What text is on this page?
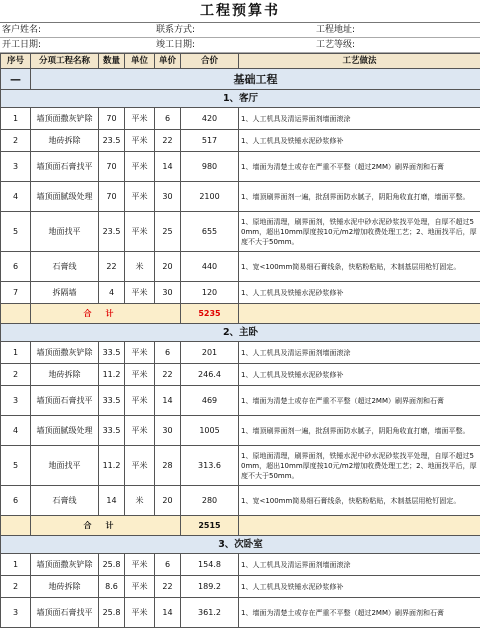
工程预算书
客户姓名:	联系方式:	工程地址:
开工日期:	竣工日期:	工艺等级:
序号	分项工程名称	数量	单位	单价	合价	工艺做法
—	基础工程					
1、客厅						
1	墙顶面撒灰铲除	70	平米	6	420	1、人工机具及清运界面剂墙面滚涂
2	地砖拆除	23.5	平米	22	517	1、人工机具及铁锤水泥砂浆修补
3	墙顶面石膏找平	70	平米	14	980	1、墙面为清楚土或存在严重不平整（超过2MM）刷界面剂和石膏
4	墙顶面腻级处理	70	平米	30	2100	1、墙顶刷界面剂一遍，批刮界面防水腻子，阴阳角收直打磨，墙面平整。
5	地面找平	23.5	平米	25	655	1、原地面清理，刷界面剂，铁锤水泥中砂水泥砂浆找平处理，自厚不超过50mm，超出10mm厚度按10元/m2增加收费处理工艺；2、地面找平后，厚度不大于50mm。
6	石膏线	22	米	20	440	1、宽<100mm简易细石膏线条，快粘粉粘贴，木制基层用枪钉固定。
7	拆隔墙	4	平米	30	120	1、人工机具及铁锤水泥砂浆修补
	合计				5235	
2、主卧						
1	墙顶面撒灰铲除	33.5	平米	6	201	1、人工机具及清运界面剂墙面滚涂
2	地砖拆除	11.2	平米	22	246.4	1、人工机具及铁锤水泥砂浆修补
3	墙顶面石膏找平	33.5	平米	14	469	1、墙面为清楚土或存在严重不平整（超过2MM）刷界面剂和石膏
4	墙顶面腻级处理	33.5	平米	30	1005	1、墙顶刷界面剂一遍，批刮界面防水腻子，阴阳角收直打磨，墙面平整。
5	地面找平	11.2	平米	28	313.6	1、原地面清理，刷界面剂，铁锤水泥中砂水泥砂浆找平处理，自厚不超过50mm，超出10mm厚度按10元/m2增加收费处理工艺；2、地面找平后，厚度不大于50mm。
6	石膏线	14	米	20	280	1、宽<100mm简易细石膏线条，快粘粉粘贴，木制基层用枪钉固定。
	合计				2515	
3、次卧室						
1	墙顶面撒灰铲除	25.8	平米	6	154.8	1、人工机具及清运界面剂墙面滚涂
2	地砖拆除	8.6	平米	22	189.2	1、人工机具及铁锤水泥砂浆修补
3	墙顶面石膏找平	25.8	平米	14	361.2	1、墙面为清楚土或存在严重不平整（超过2MM）刷界面剂和石膏
